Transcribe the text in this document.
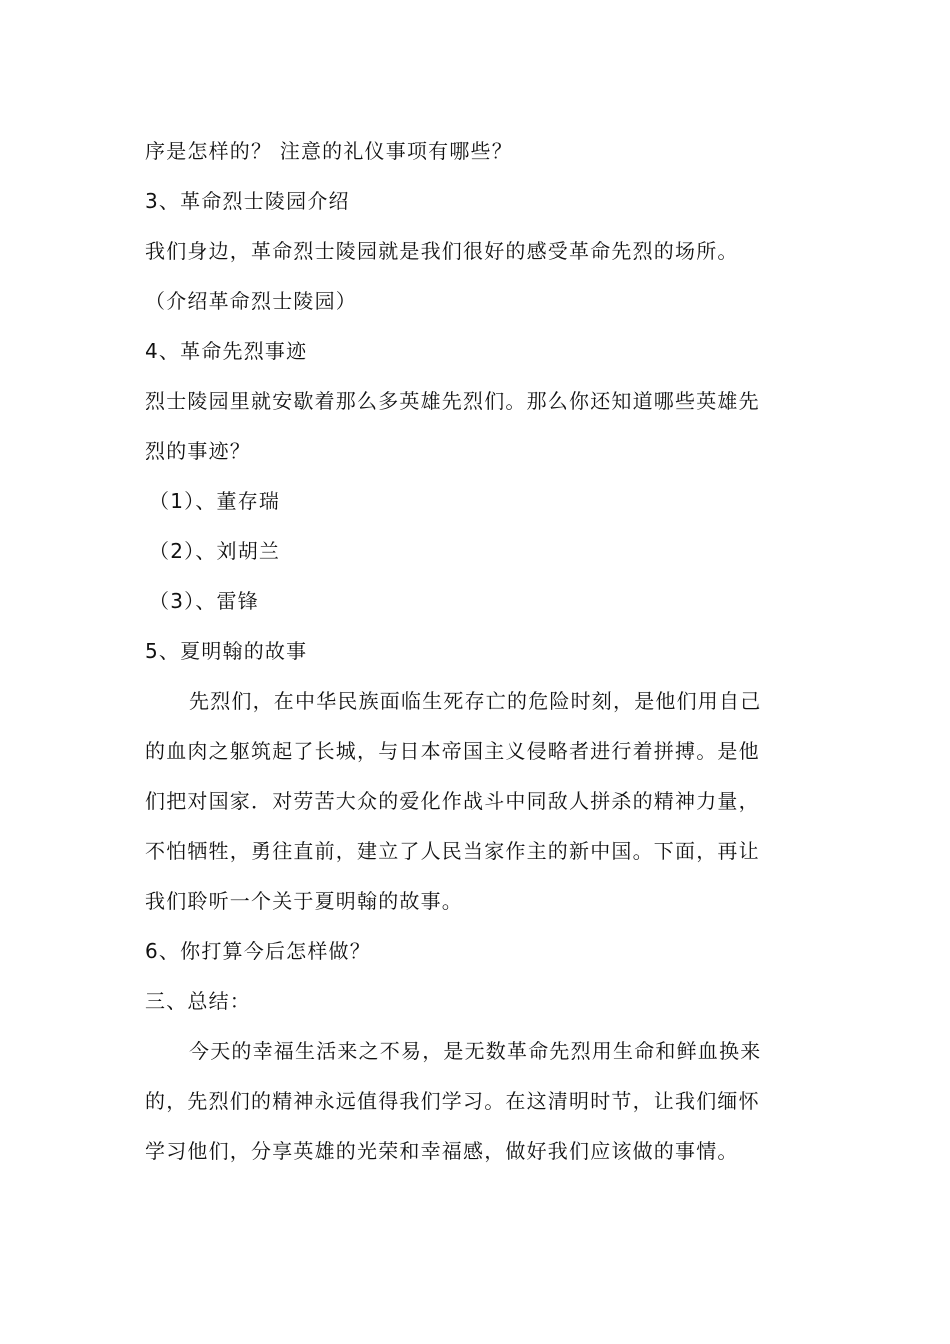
序是怎样的？ 注意的礼仪事项有哪些？
3、革命烈士陵园介绍
我们身边，革命烈士陵园就是我们很好的感受革命先烈的场所。
（介绍革命烈士陵园）
4、革命先烈事迹
烈士陵园里就安歇着那么多英雄先烈们。那么你还知道哪些英雄先
烈的事迹？
（1）、董存瑞
（2）、刘胡兰
（3）、雷锋
5、夏明翰的故事
先烈们，在中华民族面临生死存亡的危险时刻，是他们用自己
的血肉之躯筑起了长城，与日本帝国主义侵略者进行着拼搏。是他
们把对国家．对劳苦大众的爱化作战斗中同敌人拼杀的精神力量，
不怕牺牲，勇往直前，建立了人民当家作主的新中国。下面，再让
我们聆听一个关于夏明翰的故事。
6、你打算今后怎样做？
三、总结：
今天的幸福生活来之不易，是无数革命先烈用生命和鲜血换来
的，先烈们的精神永远值得我们学习。在这清明时节，让我们缅怀
学习他们，分享英雄的光荣和幸福感，做好我们应该做的事情。
